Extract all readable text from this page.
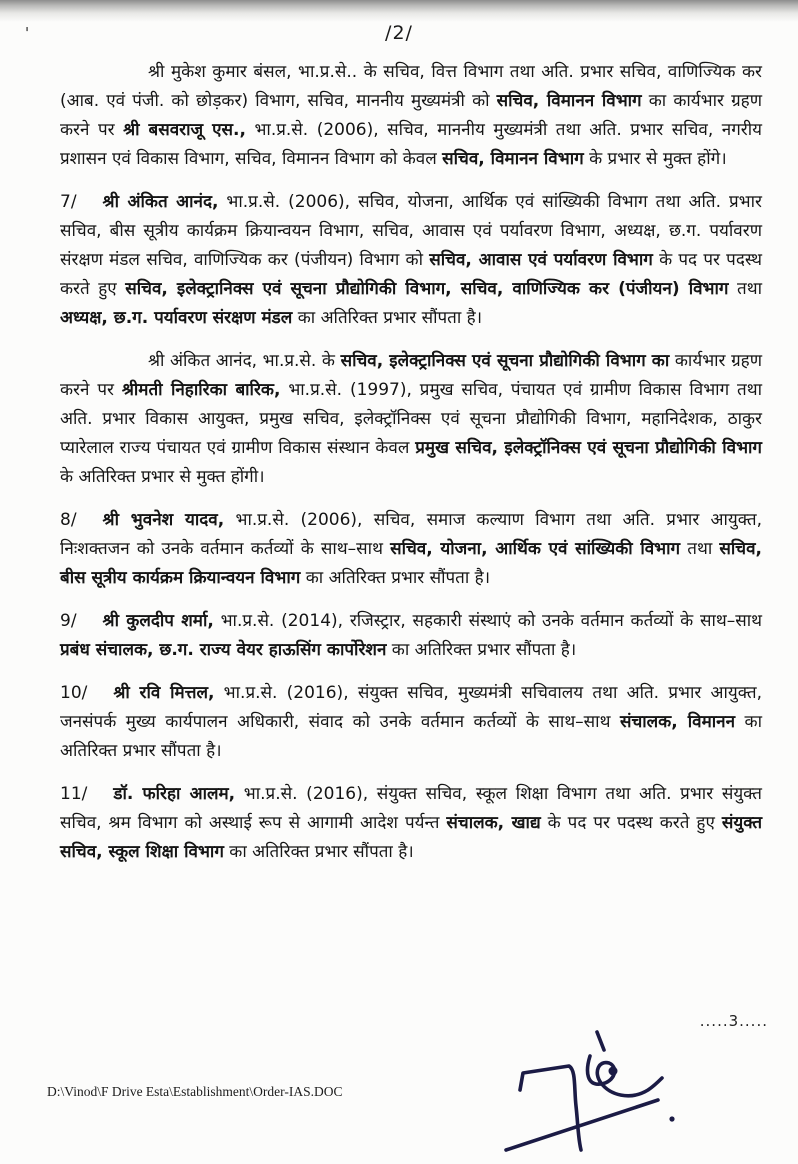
'	/2/
श्री मुकेश कुमार बंसल, भा.प्र.से.. के सचिव, वित्त विभाग तथा अति. प्रभार सचिव, वाणिज्यिक कर (आब. एवं पंजी. को छोड़कर) विभाग, सचिव, माननीय मुख्यमंत्री को सचिव, विमानन विभाग का कार्यभार ग्रहण करने पर श्री बसवराजू एस., भा.प्र.से. (2006), सचिव, माननीय मुख्यमंत्री तथा अति. प्रभार सचिव, नगरीय प्रशासन एवं विकास विभाग, सचिव, विमानन विभाग को केवल सचिव, विमानन विभाग के प्रभार से मुक्त होंगे।
7/ श्री अंकित आनंद, भा.प्र.से. (2006), सचिव, योजना, आर्थिक एवं सांख्यिकी विभाग तथा अति. प्रभार सचिव, बीस सूत्रीय कार्यक्रम क्रियान्वयन विभाग, सचिव, आवास एवं पर्यावरण विभाग, अध्यक्ष, छ.ग. पर्यावरण संरक्षण मंडल सचिव, वाणिज्यिक कर (पंजीयन) विभाग को सचिव, आवास एवं पर्यावरण विभाग के पद पर पदस्थ करते हुए सचिव, इलेक्ट्रानिक्स एवं सूचना प्रौद्योगिकी विभाग, सचिव, वाणिज्यिक कर (पंजीयन) विभाग तथा अध्यक्ष, छ.ग. पर्यावरण संरक्षण मंडल का अतिरिक्त प्रभार सौंपता है।
श्री अंकित आनंद, भा.प्र.से. के सचिव, इलेक्ट्रानिक्स एवं सूचना प्रौद्योगिकी विभाग का कार्यभार ग्रहण करने पर श्रीमती निहारिका बारिक, भा.प्र.से. (1997), प्रमुख सचिव, पंचायत एवं ग्रामीण विकास विभाग तथा अति. प्रभार विकास आयुक्त, प्रमुख सचिव, इलेक्ट्रॉनिक्स एवं सूचना प्रौद्योगिकी विभाग, महानिदेशक, ठाकुर प्यारेलाल राज्य पंचायत एवं ग्रामीण विकास संस्थान केवल प्रमुख सचिव, इलेक्ट्रॉनिक्स एवं सूचना प्रौद्योगिकी विभाग के अतिरिक्त प्रभार से मुक्त होंगी।
8/ श्री भुवनेश यादव, भा.प्र.से. (2006), सचिव, समाज कल्याण विभाग तथा अति. प्रभार आयुक्त, निःशक्तजन को उनके वर्तमान कर्तव्यों के साथ–साथ सचिव, योजना, आर्थिक एवं सांख्यिकी विभाग तथा सचिव, बीस सूत्रीय कार्यक्रम क्रियान्वयन विभाग का अतिरिक्त प्रभार सौंपता है।
9/ श्री कुलदीप शर्मा, भा.प्र.से. (2014), रजिस्ट्रार, सहकारी संस्थाएं को उनके वर्तमान कर्तव्यों के साथ–साथ प्रबंध संचालक, छ.ग. राज्य वेयर हाऊसिंग कार्पोरेशन का अतिरिक्त प्रभार सौंपता है।
10/ श्री रवि मित्तल, भा.प्र.से. (2016), संयुक्त सचिव, मुख्यमंत्री सचिवालय तथा अति. प्रभार आयुक्त, जनसंपर्क मुख्य कार्यपालन अधिकारी, संवाद को उनके वर्तमान कर्तव्यों के साथ–साथ संचालक, विमानन का अतिरिक्त प्रभार सौंपता है।
11/ डॉ. फरिहा आलम, भा.प्र.से. (2016), संयुक्त सचिव, स्कूल शिक्षा विभाग तथा अति. प्रभार संयुक्त सचिव, श्रम विभाग को अस्थाई रूप से आगामी आदेश पर्यन्त संचालक, खाद्य के पद पर पदस्थ करते हुए संयुक्त सचिव, स्कूल शिक्षा विभाग का अतिरिक्त प्रभार सौंपता है।
.....3.....
D:\Vinod\F Drive Esta\Establishment\Order-IAS.DOC
